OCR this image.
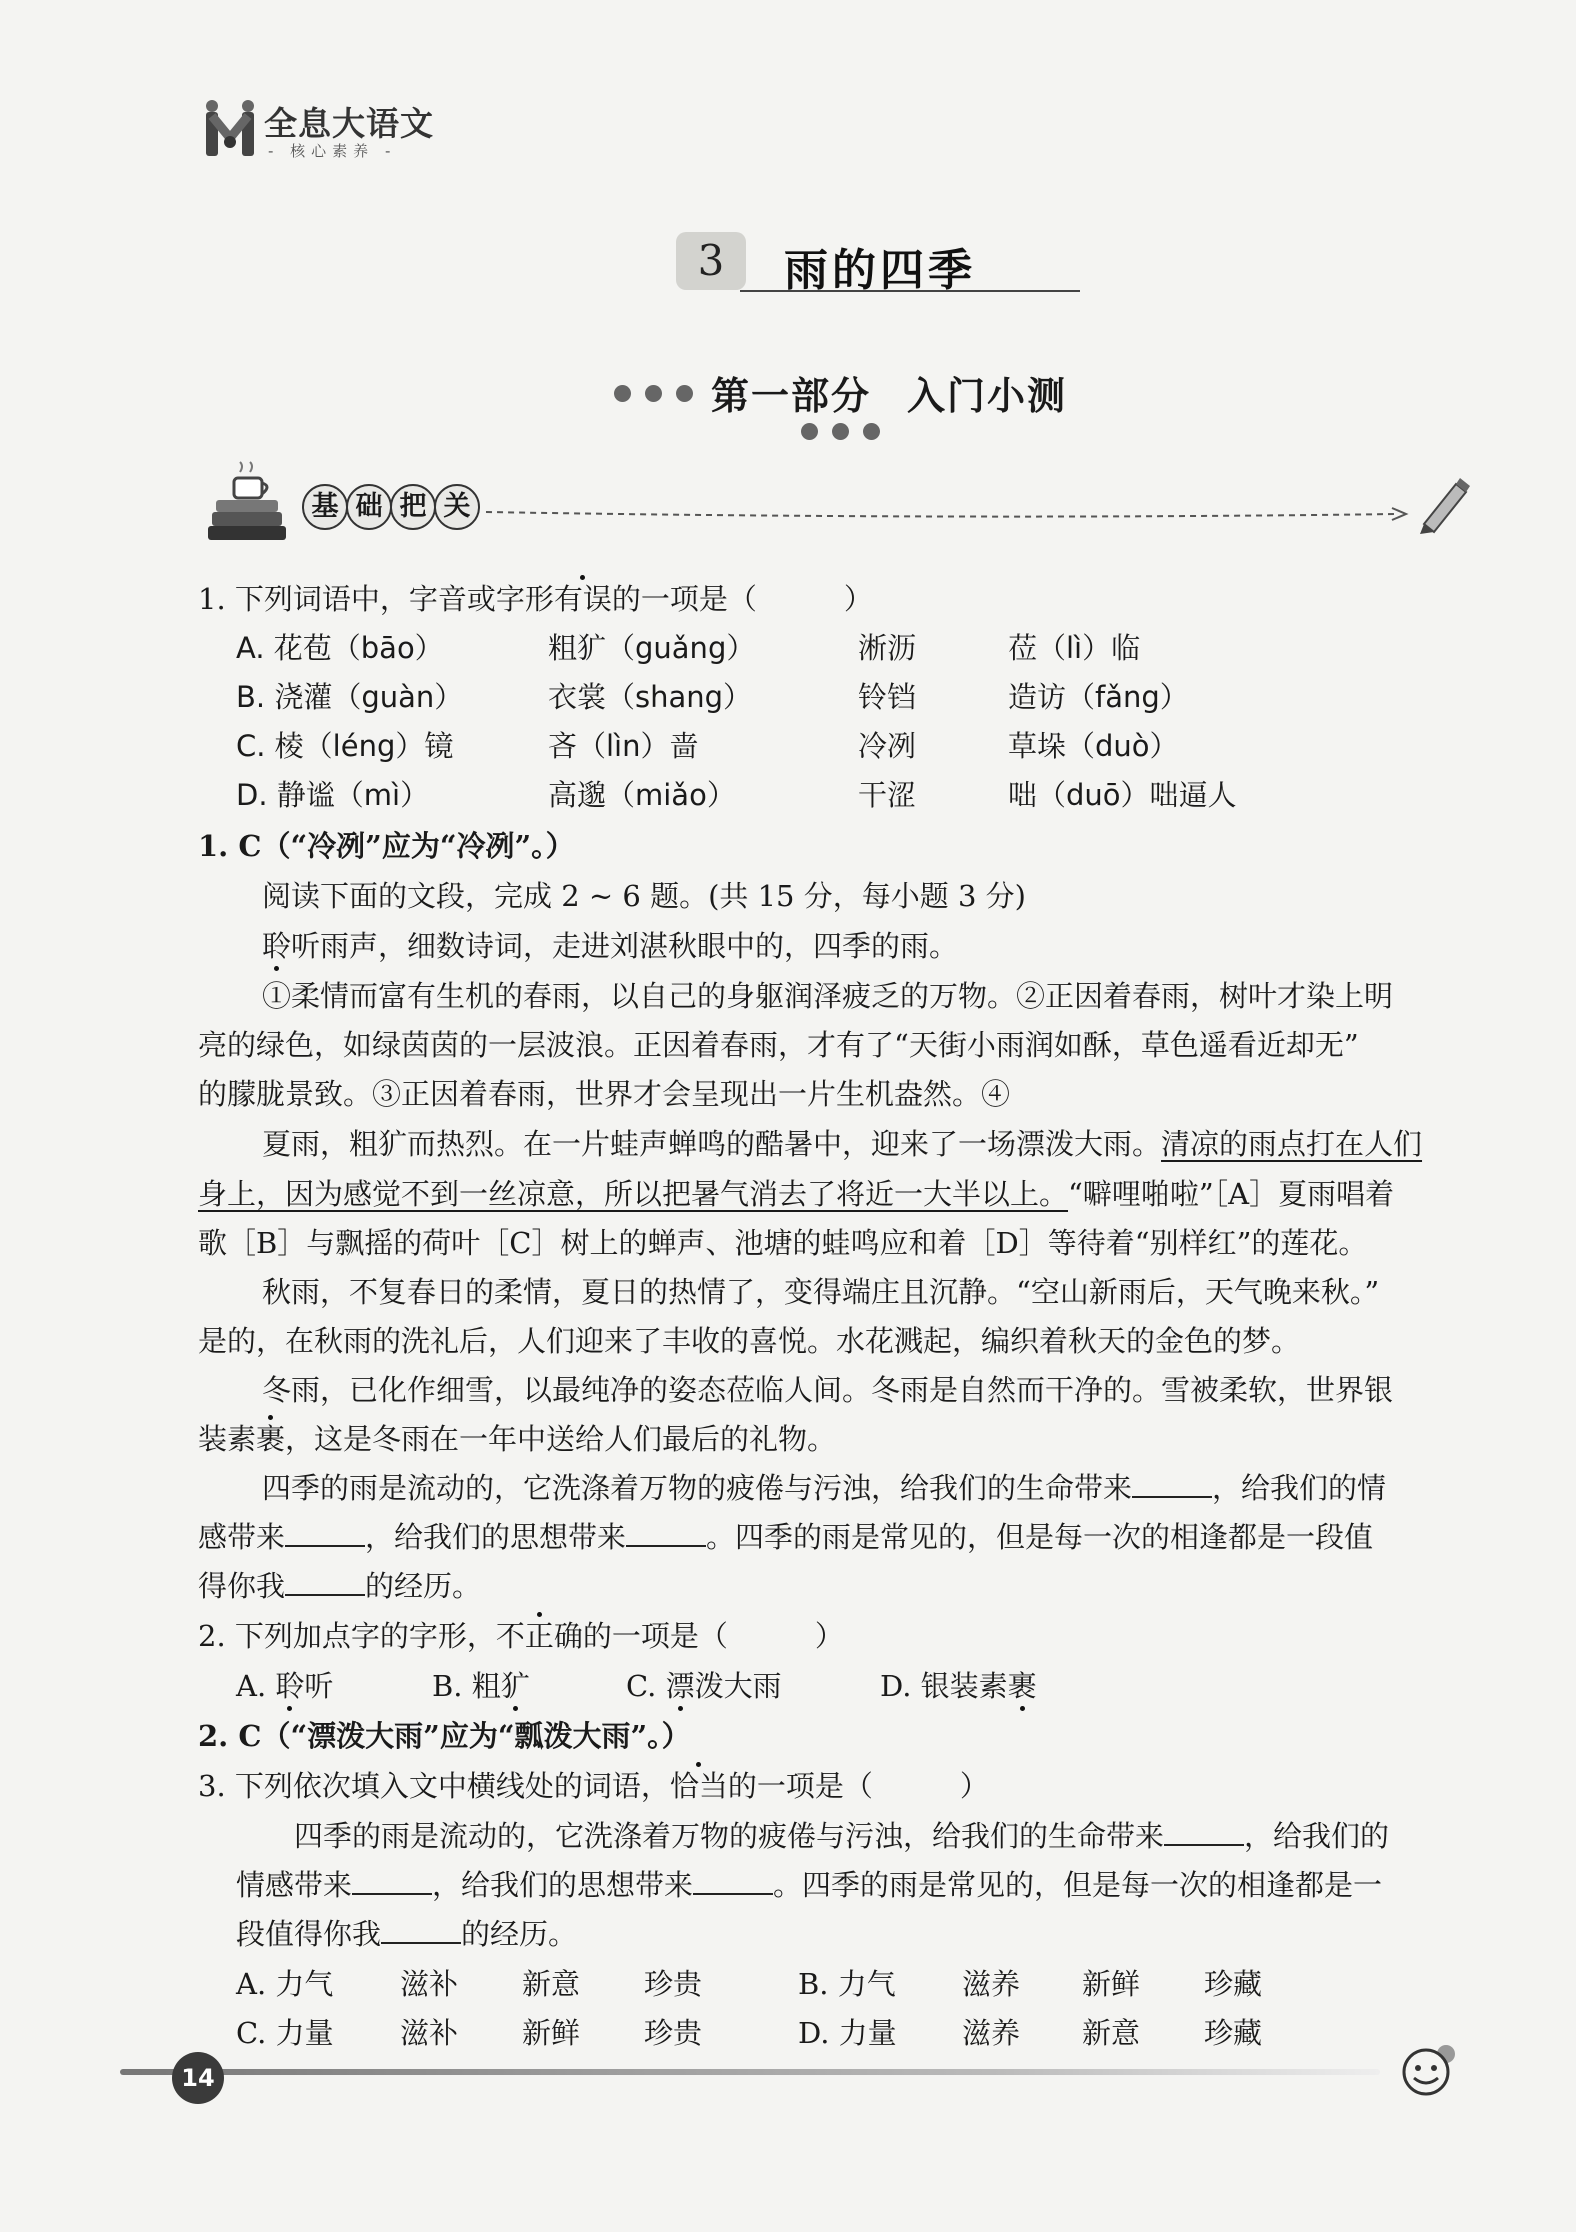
全息大语文
- 核心素养 -
3	雨的四季
第一部分 入门小测
基 础 把 关
1. 下列词语中，字音或字形有误的一项是（　　　）
A. 花苞（bāo）	粗犷（guǎng）	淅沥	莅（lì）临
B. 浇灌（guàn）	衣裳（shang）	铃铛	造访（fǎng）
C. 棱（léng）镜	吝（lìn）啬	冷冽	草垛（duò）
D. 静谧（mì）	高邈（miǎo）	干涩	咄（duō）咄逼人
1. C（“冷冽”应为“冷冽”。）
阅读下面的文段，完成 2 ~ 6 题。(共 15 分，每小题 3 分)
聆听雨声，细数诗词，走进刘湛秋眼中的，四季的雨。
①柔情而富有生机的春雨，以自己的身躯润泽疲乏的万物。②正因着春雨，树叶才染上明
亮的绿色，如绿茵茵的一层波浪。正因着春雨，才有了“天街小雨润如酥，草色遥看近却无”
的朦胧景致。③正因着春雨，世界才会呈现出一片生机盎然。④
夏雨，粗犷而热烈。在一片蛙声蝉鸣的酷暑中，迎来了一场漂泼大雨。清凉的雨点打在人们
身上，因为感觉不到一丝凉意，所以把暑气消去了将近一大半以上。“噼哩啪啦”［A］夏雨唱着
歌［B］与飘摇的荷叶［C］树上的蝉声、池塘的蛙鸣应和着［D］等待着“别样红”的莲花。
秋雨，不复春日的柔情，夏日的热情了，变得端庄且沉静。“空山新雨后，天气晚来秋。”
是的，在秋雨的洗礼后，人们迎来了丰收的喜悦。水花溅起，编织着秋天的金色的梦。
冬雨，已化作细雪，以最纯净的姿态莅临人间。冬雨是自然而干净的。雪被柔软，世界银
装素裹，这是冬雨在一年中送给人们最后的礼物。
四季的雨是流动的，它洗涤着万物的疲倦与污浊，给我们的生命带来	，给我们的情
感带来	，给我们的思想带来	。四季的雨是常见的，但是每一次的相逢都是一段值
得你我	的经历。
2. 下列加点字的字形，不正确的一项是（　　　）
A. 聆听	B. 粗犷	C. 漂泼大雨	D. 银装素裹
2. C（“漂泼大雨”应为“瓢泼大雨”。）
3. 下列依次填入文中横线处的词语，恰当的一项是（　　　）
四季的雨是流动的，它洗涤着万物的疲倦与污浊，给我们的生命带来	，给我们的
情感带来	，给我们的思想带来	。四季的雨是常见的，但是每一次的相逢都是一
段值得你我	的经历。
A. 力气 滋补 新意 珍贵	B. 力气 滋养 新鲜 珍藏
C. 力量 滋补 新鲜 珍贵	D. 力量 滋养 新意 珍藏
14
